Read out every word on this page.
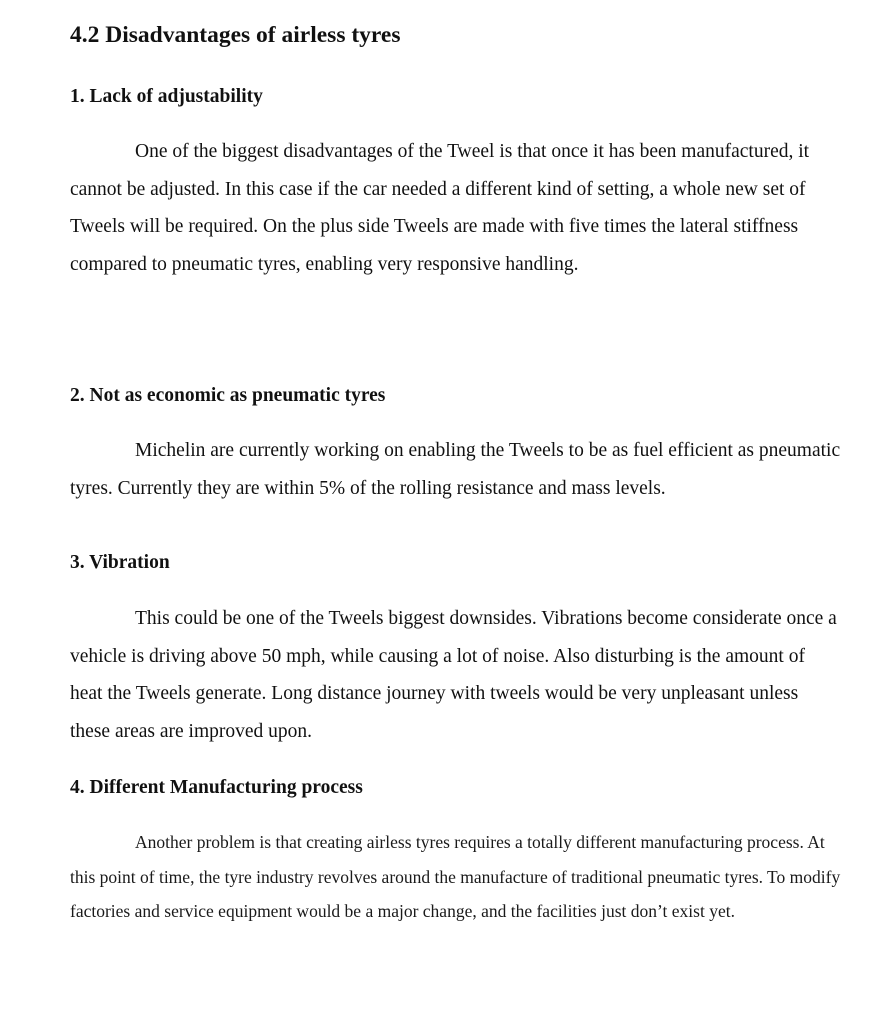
4.2 Disadvantages of airless tyres
1. Lack of adjustability

One of the biggest disadvantages of the Tweel is that once it has been manufactured, it cannot be adjusted. In this case if the car needed a different kind of setting, a whole new set of Tweels will be required. On the plus side Tweels are made with five times the lateral stiffness compared to pneumatic tyres, enabling very responsive handling.

2. Not as economic as pneumatic tyres

Michelin are currently working on enabling the Tweels to be as fuel efficient as pneumatic tyres. Currently they are within 5% of the rolling resistance and mass levels.

3. Vibration

This could be one of the Tweels biggest downsides. Vibrations become considerate once a vehicle is driving above 50 mph, while causing a lot of noise. Also disturbing is the amount of heat the Tweels generate. Long distance journey with tweels would be very unpleasant unless these areas are improved upon.

4. Different Manufacturing process

Another problem is that creating airless tyres requires a totally different manufacturing process. At this point of time, the tyre industry revolves around the manufacture of traditional pneumatic tyres. To modify factories and service equipment would be a major change, and the facilities just don’t exist yet.
